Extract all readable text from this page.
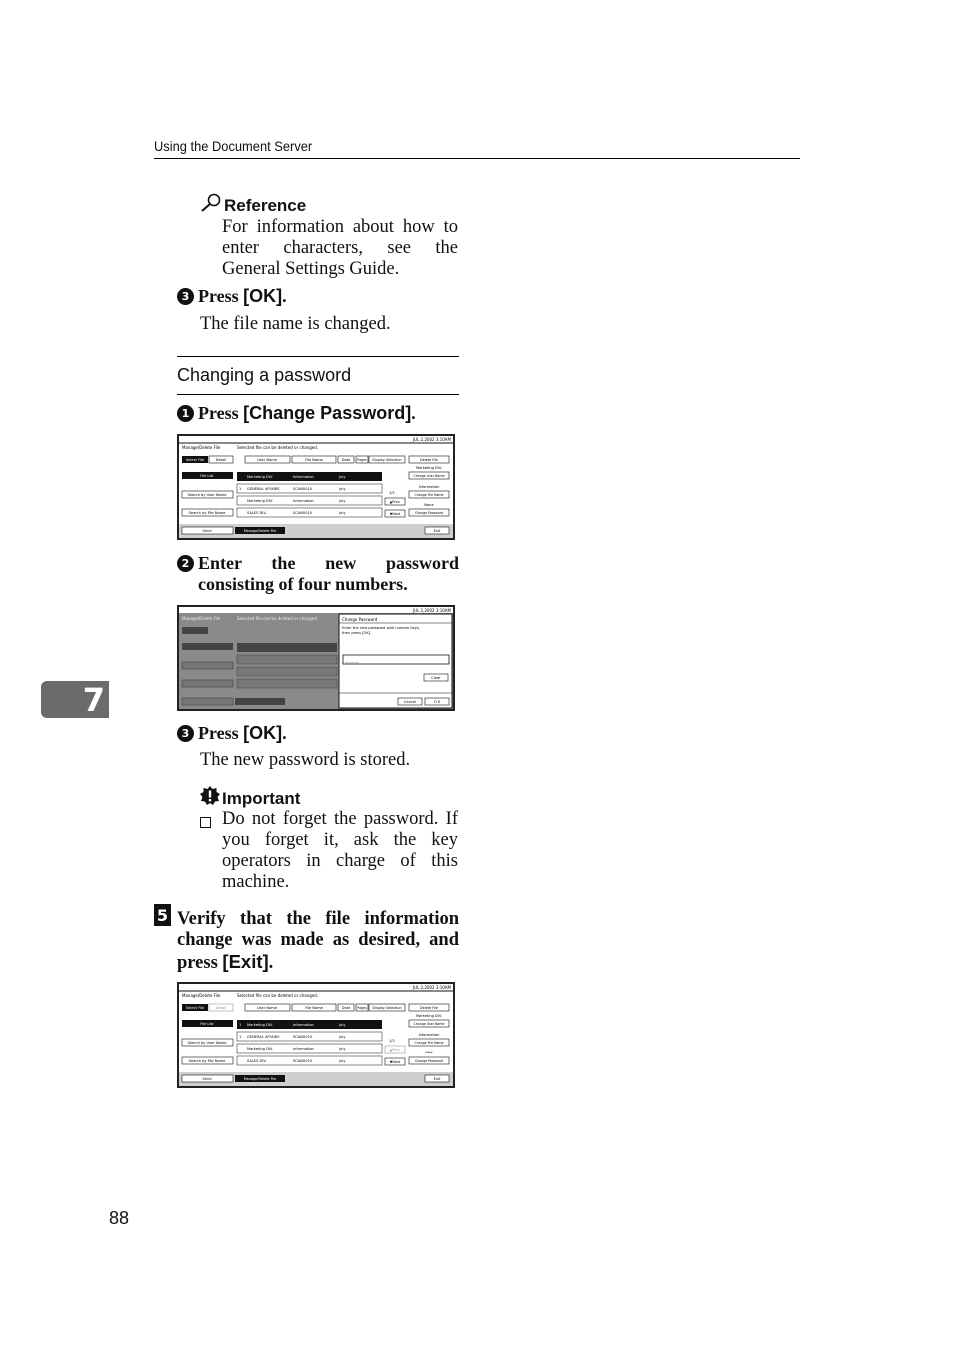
Using the Document Server
Reference
For information about how to enter characters, see the General Settings Guide.
3 Press [OK].
The file name is changed.
Changing a password
1 Press [Change Password].
JUL 2,2002 3:10AM
Manage/Delete File	Selected file can be deleted or changed.
Select File	Detail
File List
Search by User Name
Search by File Name
User Name	File Name	Date Pages Display Selection
Marketing DIV.	Information	July
1 GENERAL AFFAIRS	SCAN0010	July
Marketing DIV.	Information	July
SALES DIV.	SCAN0010	July
1/2
▲Prev.
▼Next
Delete File
Marketing DIV.
Change User Name
Information
Change File Name
None
Change Password
Send	Manage/Delete File	Exit
2 Enter the new password consisting of four numbers.
JUL 2,2002 3:10AM
Manage/Delete File	Selected file can be deleted or changed.	Change Password
Enter the new password with number keys,
then press [OK].
_ _ _ _
Clear
Cancel	O K
7
3 Press [OK].
The new password is stored.
Important
Do not forget the password. If you forget it, ask the key operators in charge of this machine.
5 Verify that the file information change was made as desired, and press [Exit].
JUL 2,2002 3:10AM
Manage/Delete File	Selected file can be deleted or changed.
Select File	Detail
File List
Search by User Name
Search by File Name
User Name	File Name	Date Pages Display Selection
1 Marketing DIV.	Information	July
1 GENERAL AFFAIRS	SCAN0010	July
Marketing DIV.	Information	July
SALES DIV.	SCAN0010	July
1/2
▲Prev.
▼Next
Delete File
Marketing DIV.
Change User Name
Information
Change File Name
****
Change Password
Send	Manage/Delete File	Exit
88
